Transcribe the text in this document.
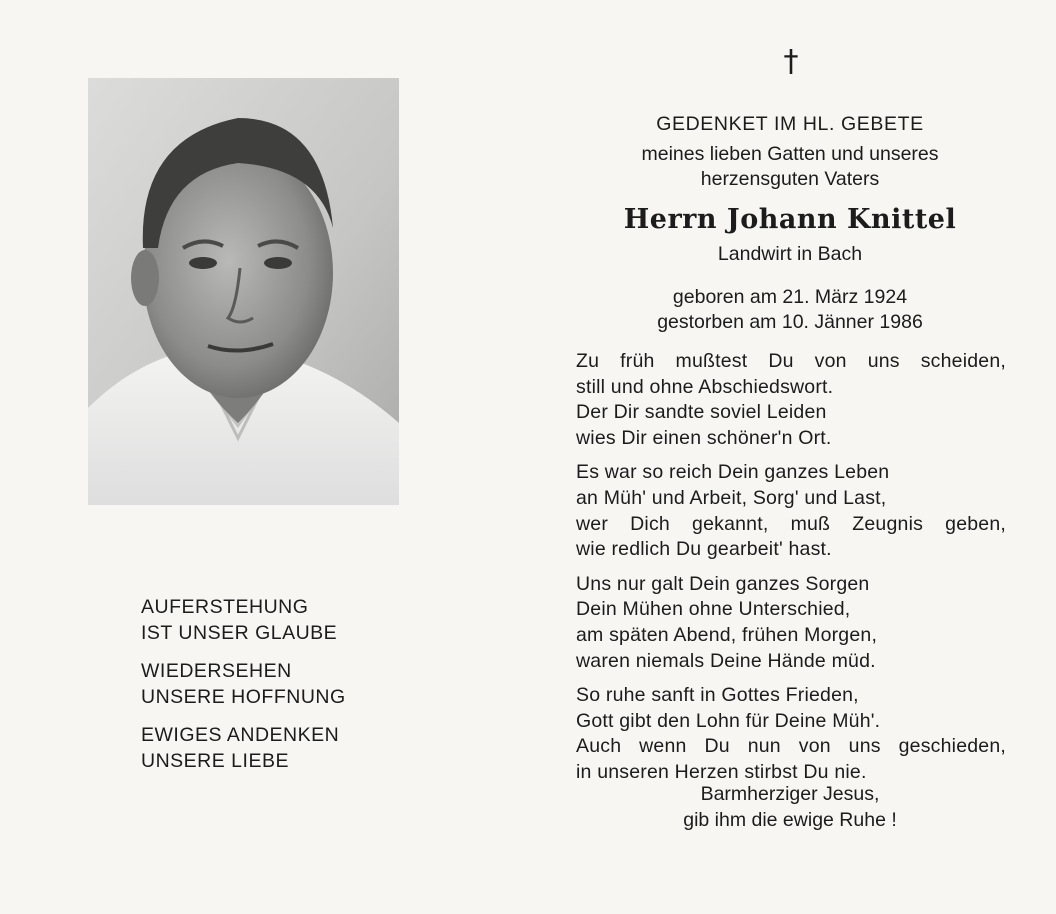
AUFERSTEHUNG
IST UNSER GLAUBE
WIEDERSEHEN
UNSERE HOFFNUNG
EWIGES ANDENKEN
UNSERE LIEBE
†
GEDENKET IM HL. GEBETE
meines lieben Gatten und unseres
herzensguten Vaters
Herrn Johann Knittel
Landwirt in Bach
geboren am 21. März 1924
gestorben am 10. Jänner 1986
Zu früh mußtest Du von uns scheiden,
still und ohne Abschiedswort.
Der Dir sandte soviel Leiden
wies Dir einen schöner'n Ort.
Es war so reich Dein ganzes Leben
an Müh' und Arbeit, Sorg' und Last,
wer Dich gekannt, muß Zeugnis geben,
wie redlich Du gearbeit' hast.
Uns nur galt Dein ganzes Sorgen
Dein Mühen ohne Unterschied,
am späten Abend, frühen Morgen,
waren niemals Deine Hände müd.
So ruhe sanft in Gottes Frieden,
Gott gibt den Lohn für Deine Müh'.
Auch wenn Du nun von uns geschieden,
in unseren Herzen stirbst Du nie.
Barmherziger Jesus,
gib ihm die ewige Ruhe !
